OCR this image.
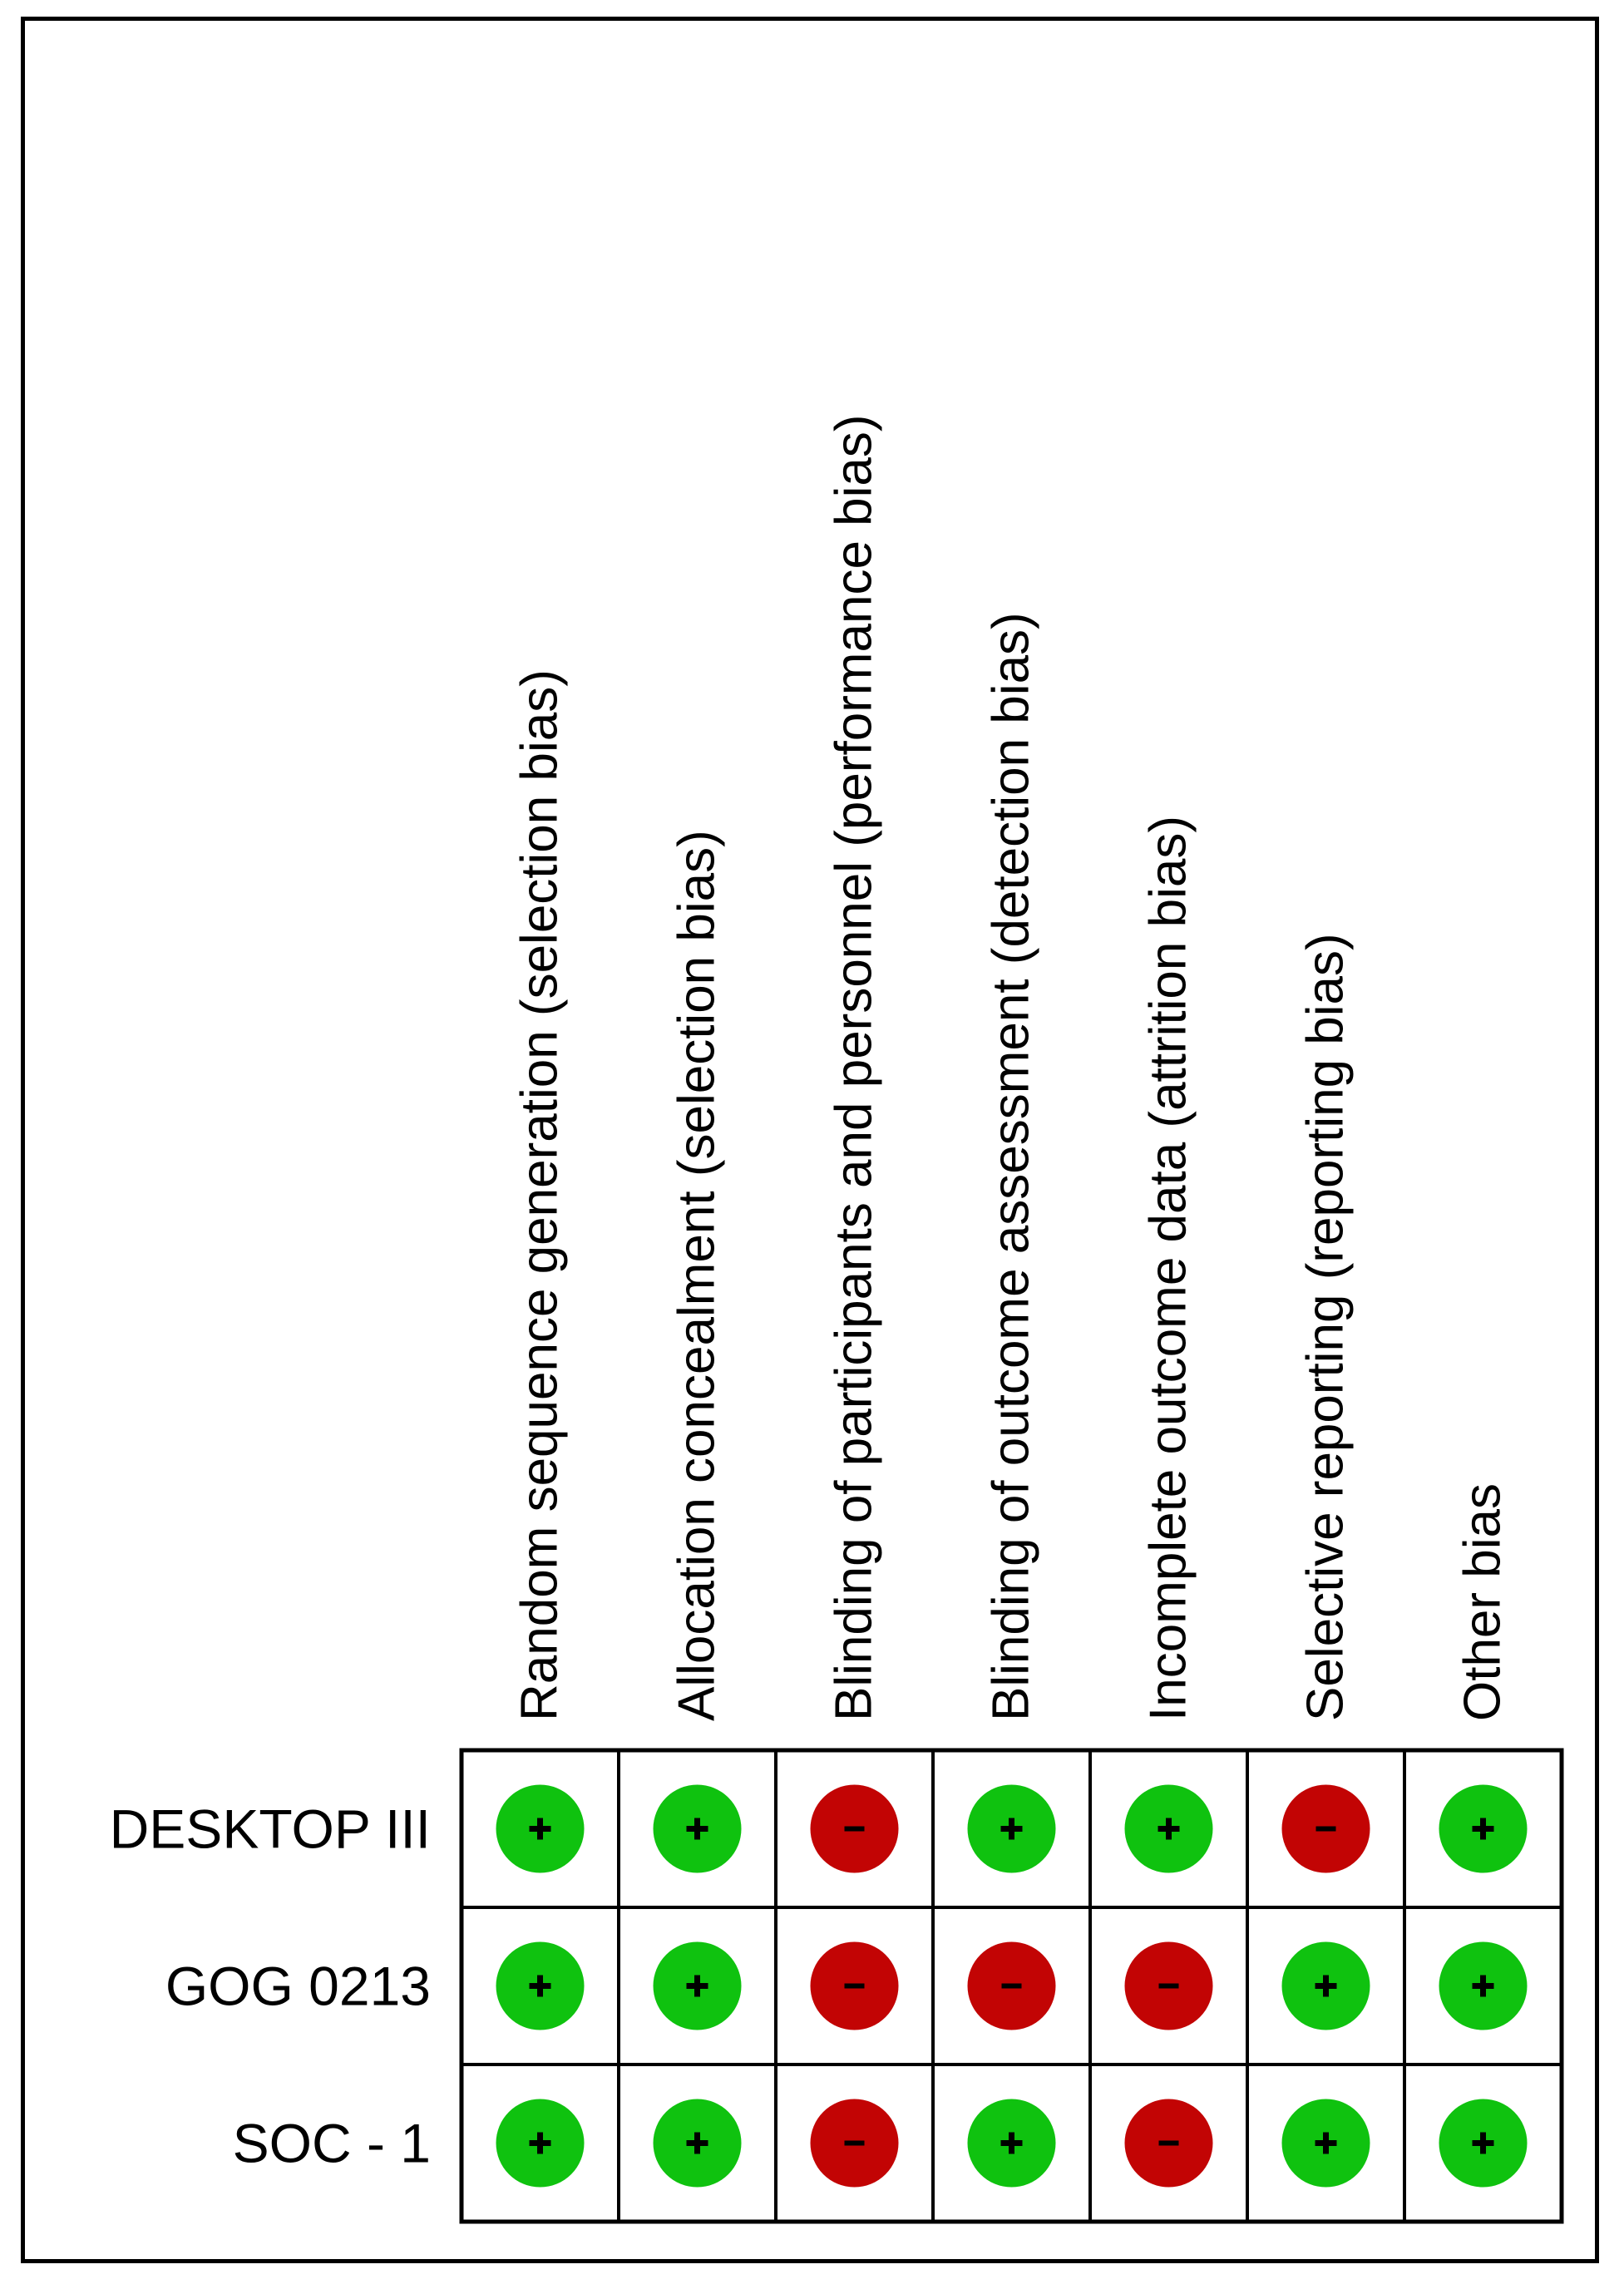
Random sequence generation (selection bias) Allocation concealment (selection bias) Blinding of participants and personnel (performance bias) Blinding of outcome assessment (detection bias) Incomplete outcome data (attrition bias) Selective reporting (reporting bias) Other bias
DESKTOP III
GOG 0213
SOC - 1
